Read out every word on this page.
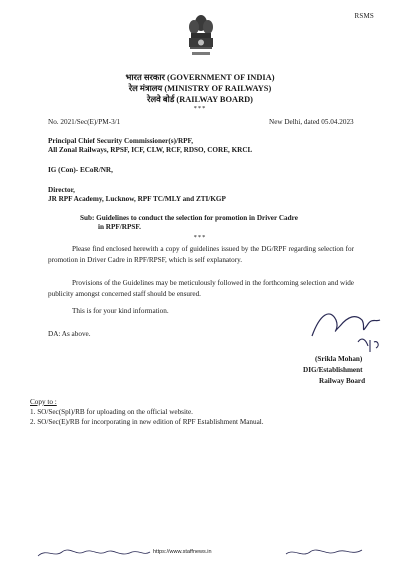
RSMS
भारत सरकार (GOVERNMENT OF INDIA)
रेल मंत्रालय (MINISTRY OF RAILWAYS)
रेलवे बोर्ड (RAILWAY BOARD)
***
No. 2021/Sec(E)/PM-3/1	New Delhi, dated 05.04.2023
Principal Chief Security Commissioner(s)/RPF,
All Zonal Railways, RPSF, ICF, CLW, RCF, RDSO, CORE, KRCL
IG (Con)- ECoR/NR,
Director,
JR RPF Academy, Lucknow, RPF TC/MLY and ZTI/KGP
Sub: Guidelines to conduct the selection for promotion in Driver Cadre
in RPF/RPSF.
***
Please find enclosed herewith a copy of guidelines issued by the DG/RPF regarding selection for promotion in Driver Cadre in RPF/RPSF, which is self explanatory.
Provisions of the Guidelines may be meticulously followed in the forthcoming selection and wide publicity amongst concerned staff should be ensured.
This is for your kind information.
DA: As above.
(Srikla Mohan)
DIG/Establishment
Railway Board
Copy to :
1. SO/Sec(Spl)/RB for uploading on the official website.
2. SO/Sec(E)/RB for incorporating in new edition of RPF Establishment Manual.
https://www.staffnews.in
